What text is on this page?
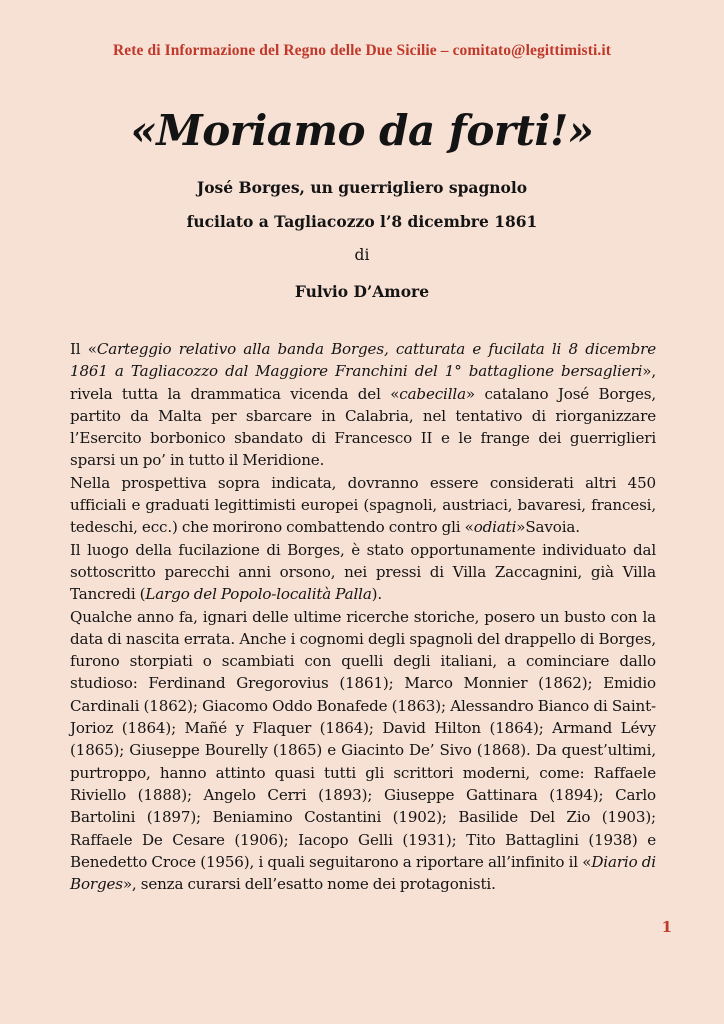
Rete di Informazione del Regno delle Due Sicilie – comitato@legittimisti.it
«Moriamo da forti!»
José Borges, un guerrigliero spagnolo
fucilato a Tagliacozzo l’8 dicembre 1861
di
Fulvio D’Amore

Il «Carteggio relativo alla banda Borges, catturata e fucilata li 8 dicembre 1861 a Tagliacozzo dal Maggiore Franchini del 1° battaglione bersaglieri», rivela tutta la drammatica vicenda del «cabecilla» catalano José Borges, partito da Malta per sbarcare in Calabria, nel tentativo di riorganizzare l’Esercito borbonico sbandato di Francesco II e le frange dei guerriglieri sparsi un po’ in tutto il Meridione.

Nella prospettiva sopra indicata, dovranno essere considerati altri 450 ufficiali e graduati legittimisti europei (spagnoli, austriaci, bavaresi, francesi, tedeschi, ecc.) che morirono combattendo contro gli «odiati»Savoia.

Il luogo della fucilazione di Borges, è stato opportunamente individuato dal sottoscritto parecchi anni orsono, nei pressi di Villa Zaccagnini, già Villa Tancredi (Largo del Popolo-località Palla).

Qualche anno fa, ignari delle ultime ricerche storiche, posero un busto con la data di nascita errata. Anche i cognomi degli spagnoli del drappello di Borges, furono storpiati o scambiati con quelli degli italiani, a cominciare dallo studioso: Ferdinand Gregorovius (1861); Marco Monnier (1862); Emidio Cardinali (1862); Giacomo Oddo Bonafede (1863); Alessandro Bianco di Saint-Jorioz (1864); Mañé y Flaquer (1864); David Hilton (1864); Armand Lévy (1865); Giuseppe Bourelly (1865) e Giacinto De’ Sivo (1868). Da quest’ultimi, purtroppo, hanno attinto quasi tutti gli scrittori moderni, come: Raffaele Riviello (1888); Angelo Cerri (1893); Giuseppe Gattinara (1894); Carlo Bartolini (1897); Beniamino Costantini (1902); Basilide Del Zio (1903); Raffaele De Cesare (1906); Iacopo Gelli (1931); Tito Battaglini (1938) e Benedetto Croce (1956), i quali seguitarono a riportare all’infinito il «Diario di Borges», senza curarsi dell’esatto nome dei protagonisti.

1
